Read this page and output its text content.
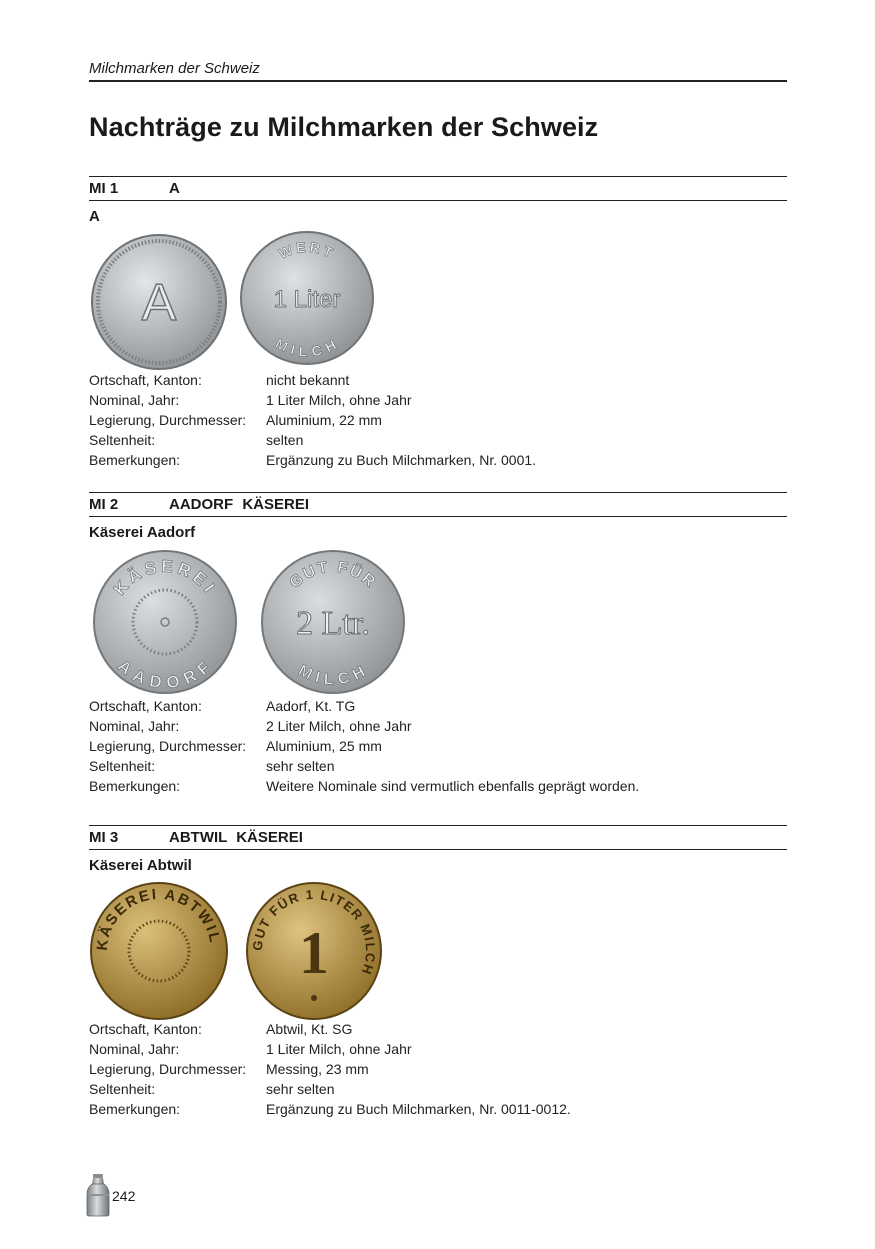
Milchmarken der Schweiz
Nachträge zu Milchmarken der Schweiz
MI 1	A
A
A
WERT
1 Liter
MILCH
Ortschaft, Kanton:	nicht bekannt
Nominal, Jahr:	1 Liter Milch, ohne Jahr
Legierung, Durchmesser:	Aluminium, 22 mm
Seltenheit:	selten
Bemerkungen:	Ergänzung zu Buch Milchmarken, Nr. 0001.
MI 2	AADORF KÄSEREI
Käserei Aadorf
KÄSEREI
AADORF
GUT FÜR
2 Ltr.
MILCH
Ortschaft, Kanton:	Aadorf, Kt. TG
Nominal, Jahr:	2 Liter Milch, ohne Jahr
Legierung, Durchmesser:	Aluminium, 25 mm
Seltenheit:	sehr selten
Bemerkungen:	Weitere Nominale sind vermutlich ebenfalls geprägt worden.
MI 3	ABTWIL KÄSEREI
Käserei Abtwil
KÄSEREI ABTWIL GUT FÜR 1 LITER MILCH
1
Ortschaft, Kanton:	Abtwil, Kt. SG
Nominal, Jahr:	1 Liter Milch, ohne Jahr
Legierung, Durchmesser:	Messing, 23 mm
Seltenheit:	sehr selten
Bemerkungen:	Ergänzung zu Buch Milchmarken, Nr. 0011-0012.
242
